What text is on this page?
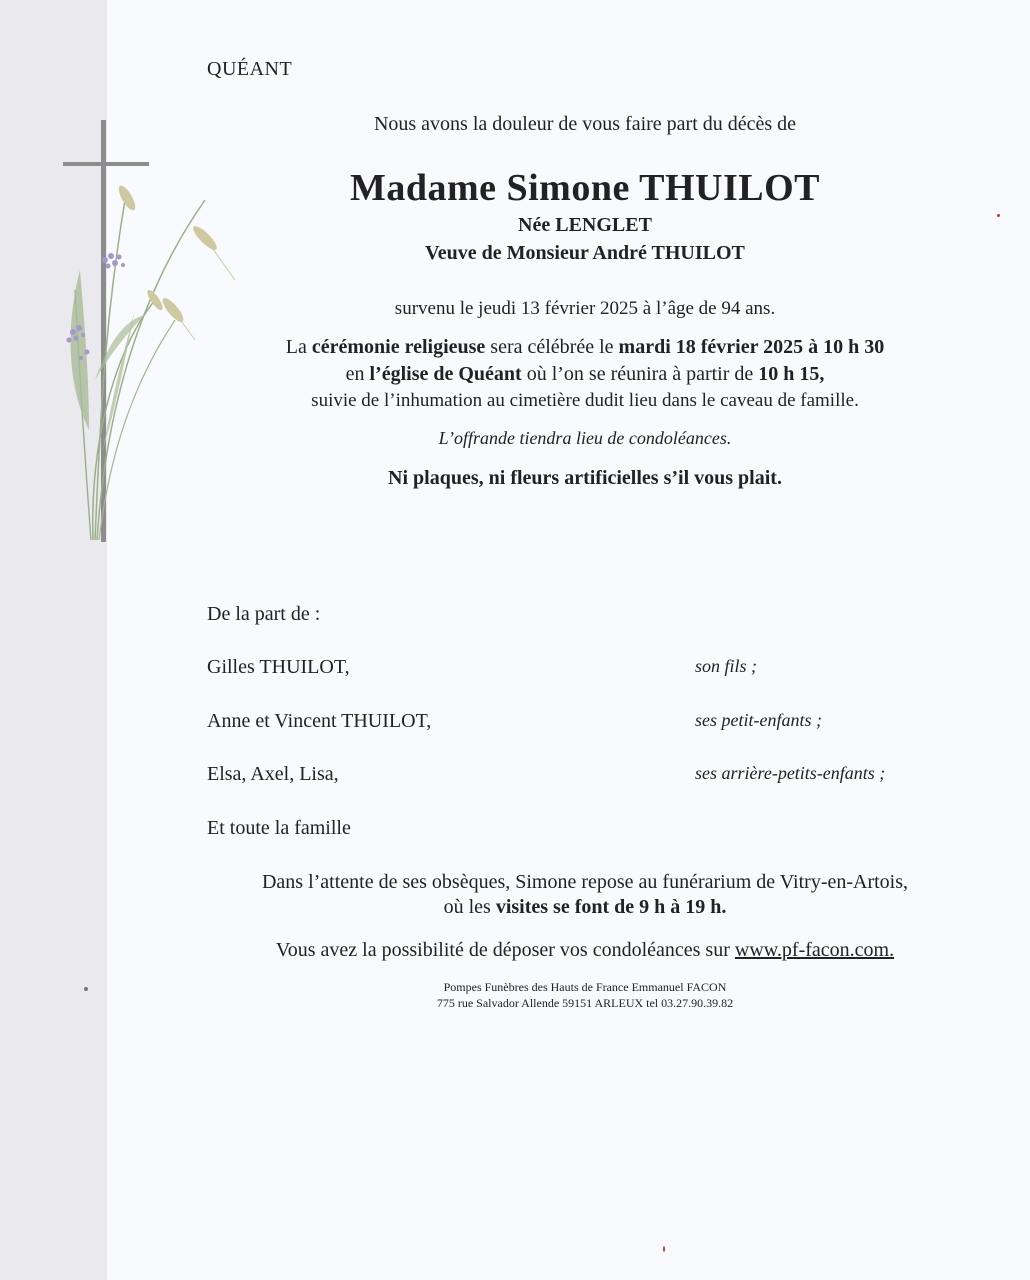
QUÉANT
Nous avons la douleur de vous faire part du décès de
Madame Simone THUILOT
Née LENGLET
Veuve de Monsieur André THUILOT
survenu le jeudi 13 février 2025 à l’âge de 94 ans.
La cérémonie religieuse sera célébrée le mardi 18 février 2025 à 10 h 30
en l’église de Quéant où l’on se réunira à partir de 10 h 15,
suivie de l’inhumation au cimetière dudit lieu dans le caveau de famille.
L’offrande tiendra lieu de condoléances.
Ni plaques, ni fleurs artificielles s’il vous plait.
De la part de :
Gilles THUILOT,	son fils ;
Anne et Vincent THUILOT,	ses petit-enfants ;
Elsa, Axel, Lisa,	ses arrière-petits-enfants ;
Et toute la famille
Dans l’attente de ses obsèques, Simone repose au funérarium de Vitry-en-Artois,
où les visites se font de 9 h à 19 h.
Vous avez la possibilité de déposer vos condoléances sur www.pf-facon.com.
Pompes Funèbres des Hauts de France Emmanuel FACON
775 rue Salvador Allende 59151 ARLEUX tel 03.27.90.39.82
